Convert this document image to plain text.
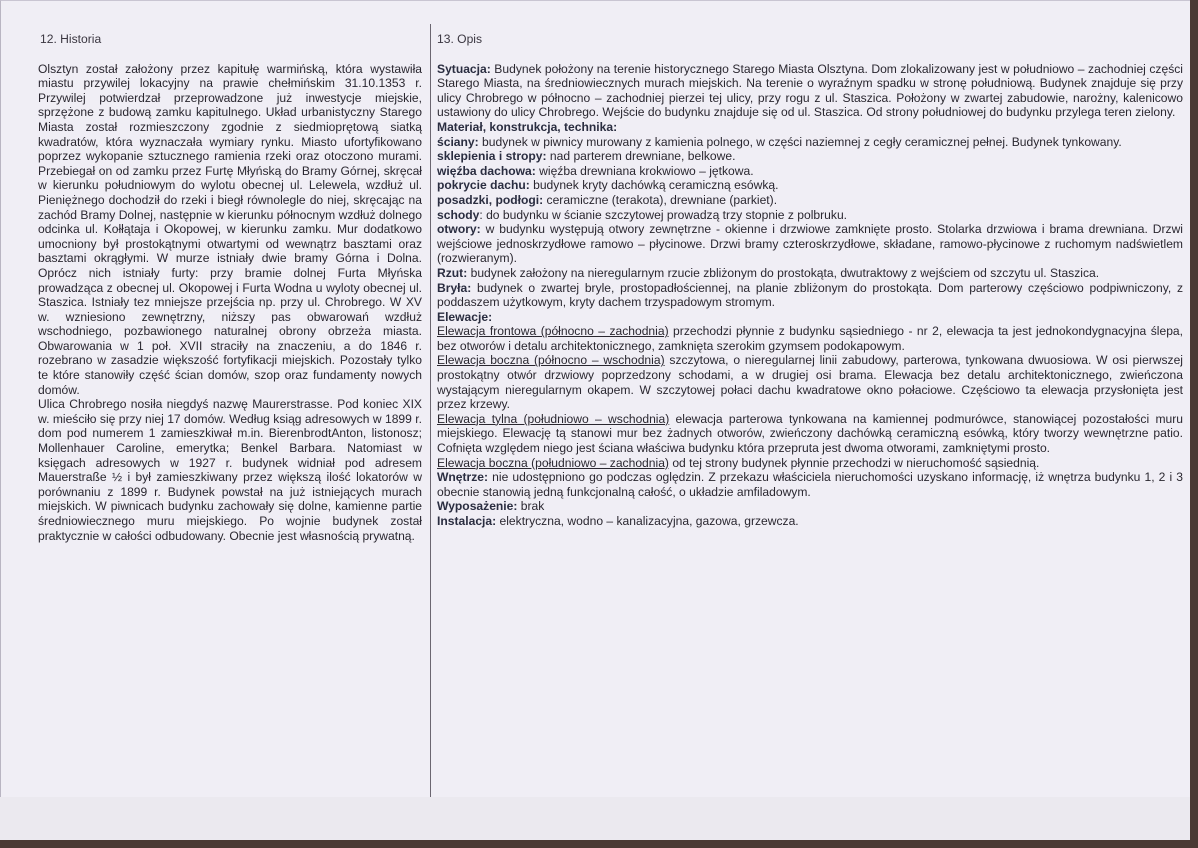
12. Historia

Olsztyn został założony przez kapitułę warmińską, która wystawiła miastu przywilej lokacyjny na prawie chełmińskim 31.10.1353 r. Przywilej potwierdzał przeprowadzone już inwestycje miejskie, sprzężone z budową zamku kapitulnego. Układ urbanistyczny Starego Miasta został rozmieszczony zgodnie z siedmioprętową siatką kwadratów, która wyznaczała wymiary rynku. Miasto ufortyfikowano poprzez wykopanie sztucznego ramienia rzeki oraz otoczono murami. Przebiegał on od zamku przez Furtę Młyńską do Bramy Górnej, skręcał w kierunku południowym do wylotu obecnej ul. Lelewela, wzdłuż ul. Pieniężnego dochodził do rzeki i biegł równolegle do niej, skręcając na zachód Bramy Dolnej, następnie w kierunku północnym wzdłuż dolnego odcinka ul. Kołłątaja i Okopowej, w kierunku zamku. Mur dodatkowo umocniony był prostokątnymi otwartymi od wewnątrz basztami oraz basztami okrągłymi. W murze istniały dwie bramy Górna i Dolna. Oprócz nich istniały furty: przy bramie dolnej Furta Młyńska prowadząca z obecnej ul. Okopowej i Furta Wodna u wyloty obecnej ul. Staszica. Istniały tez mniejsze przejścia np. przy ul. Chrobrego. W XV w. wzniesiono zewnętrzny, niższy pas obwarowań wzdłuż wschodniego, pozbawionego naturalnej obrony obrzeża miasta. Obwarowania w 1 poł. XVII straciły na znaczeniu, a do 1846 r. rozebrano w zasadzie większość fortyfikacji miejskich. Pozostały tylko te które stanowiły część ścian domów, szop oraz fundamenty nowych domów.

Ulica Chrobrego nosiła niegdyś nazwę Maurerstrasse. Pod koniec XIX w. mieściło się przy niej 17 domów. Według ksiąg adresowych w 1899 r. dom pod numerem 1 zamieszkiwał m.in. BierenbrodtAnton, listonosz; Mollenhauer Caroline, emerytka; Benkel Barbara. Natomiast w księgach adresowych w 1927 r. budynek widniał pod adresem Mauerstraße ½ i był zamieszkiwany przez większą ilość lokatorów w porównaniu z 1899 r. Budynek powstał na już istniejących murach miejskich. W piwnicach budynku zachowały się dolne, kamienne partie średniowiecznego muru miejskiego. Po wojnie budynek został praktycznie w całości odbudowany. Obecnie jest własnością prywatną.

13. Opis

Sytuacja: Budynek położony na terenie historycznego Starego Miasta Olsztyna. Dom zlokalizowany jest w południowo – zachodniej części Starego Miasta, na średniowiecznych murach miejskich. Na terenie o wyraźnym spadku w stronę południową. Budynek znajduje się przy ulicy Chrobrego w północno – zachodniej pierzei tej ulicy, przy rogu z ul. Staszica. Położony w zwartej zabudowie, narożny, kalenicowo ustawiony do ulicy Chrobrego. Wejście do budynku znajduje się od ul. Staszica. Od strony południowej do budynku przylega teren zielony.

Materiał, konstrukcja, technika:

ściany: budynek w piwnicy murowany z kamienia polnego, w części naziemnej z cegły ceramicznej pełnej. Budynek tynkowany.

sklepienia i stropy: nad parterem drewniane, belkowe.

więźba dachowa: więźba drewniana krokwiowo – jętkowa.

pokrycie dachu: budynek kryty dachówką ceramiczną esówką.

posadzki, podłogi: ceramiczne (terakota), drewniane (parkiet).

schody: do budynku w ścianie szczytowej prowadzą trzy stopnie z polbruku.

otwory: w budynku występują otwory zewnętrzne - okienne i drzwiowe zamknięte prosto. Stolarka drzwiowa i brama drewniana. Drzwi wejściowe jednoskrzydłowe ramowo – płycinowe. Drzwi bramy czteroskrzydłowe, składane, ramowo-płycinowe z ruchomym nadświetlem (rozwieranym).

Rzut: budynek założony na nieregularnym rzucie zbliżonym do prostokąta, dwutraktowy z wejściem od szczytu ul. Staszica.

Bryła: budynek o zwartej bryle, prostopadłościennej, na planie zbliżonym do prostokąta. Dom parterowy częściowo podpiwniczony, z poddaszem użytkowym, kryty dachem trzyspadowym stromym.

Elewacje:

Elewacja frontowa (północno – zachodnia) przechodzi płynnie z budynku sąsiedniego - nr 2, elewacja ta jest jednokondygnacyjna ślepa, bez otworów i detalu architektonicznego, zamknięta szerokim gzymsem podokapowym.

Elewacja boczna (północno – wschodnia) szczytowa, o nieregularnej linii zabudowy, parterowa, tynkowana dwuosiowa. W osi pierwszej prostokątny otwór drzwiowy poprzedzony schodami, a w drugiej osi brama. Elewacja bez detalu architektonicznego, zwieńczona wystającym nieregularnym okapem. W szczytowej połaci dachu kwadratowe okno połaciowe. Częściowo ta elewacja przysłonięta jest przez krzewy.

Elewacja tylna (południowo – wschodnia) elewacja parterowa tynkowana na kamiennej podmurówce, stanowiącej pozostałości muru miejskiego. Elewację tą stanowi mur bez żadnych otworów, zwieńczony dachówką ceramiczną esówką, który tworzy wewnętrzne patio. Cofnięta względem niego jest ściana właściwa budynku która przepruta jest dwoma otworami, zamkniętymi prosto.

Elewacja boczna (południowo – zachodnia) od tej strony budynek płynnie przechodzi w nieruchomość sąsiednią.

Wnętrze: nie udostępniono go podczas oględzin. Z przekazu właściciela nieruchomości uzyskano informację, iż wnętrza budynku 1, 2 i 3 obecnie stanowią jedną funkcjonalną całość, o układzie amfiladowym.

Wyposażenie: brak

Instalacja: elektryczna, wodno – kanalizacyjna, gazowa, grzewcza.
